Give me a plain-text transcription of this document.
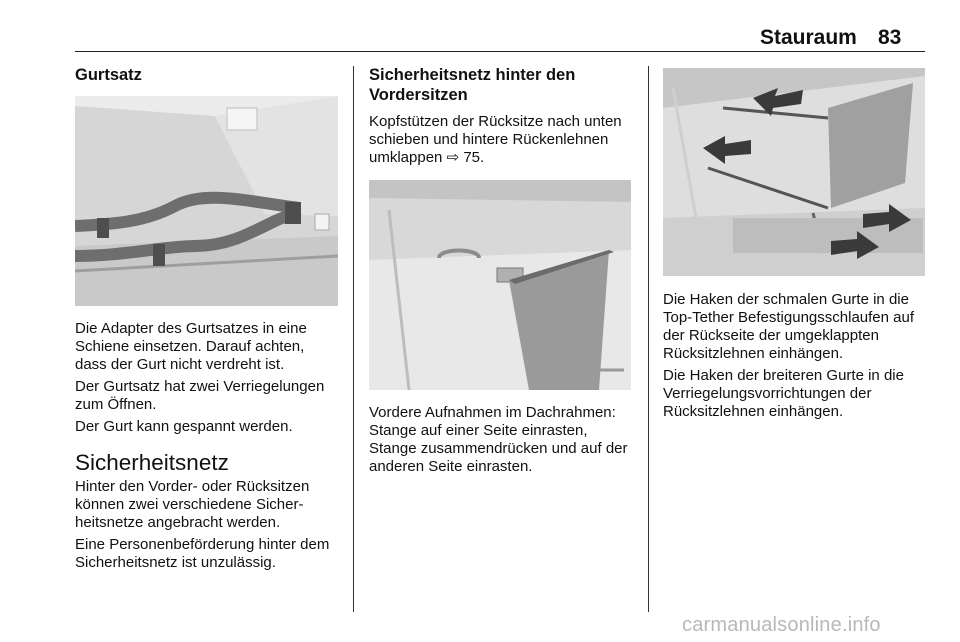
Stauraum 83
Gurtsatz

Die Adapter des Gurtsatzes in eine Schiene einsetzen. Darauf achten, dass der Gurt nicht verdreht ist.

Der Gurtsatz hat zwei Verriegelungen zum Öffnen.

Der Gurt kann gespannt werden.

Sicherheitsnetz

Hinter den Vorder- oder Rücksitzen können zwei verschiedene Sicherheitsnetze angebracht werden.

Eine Personenbeförderung hinter dem Sicherheitsnetz ist unzulässig.

Sicherheitsnetz hinter den Vordersitzen

Kopfstützen der Rücksitze nach unten schieben und hintere Rückenlehnen umklappen ⇨ 75.

Vordere Aufnahmen im Dachrahmen: Stange auf einer Seite einrasten, Stange zusammendrücken und auf der anderen Seite einrasten.

Die Haken der schmalen Gurte in die Top-Tether Befestigungsschlaufen auf der Rückseite der umgeklappten Rücksitzlehnen einhängen.

Die Haken der breiteren Gurte in die Verriegelungsvorrichtungen der Rücksitzlehnen einhängen.

carmanualsonline.info
